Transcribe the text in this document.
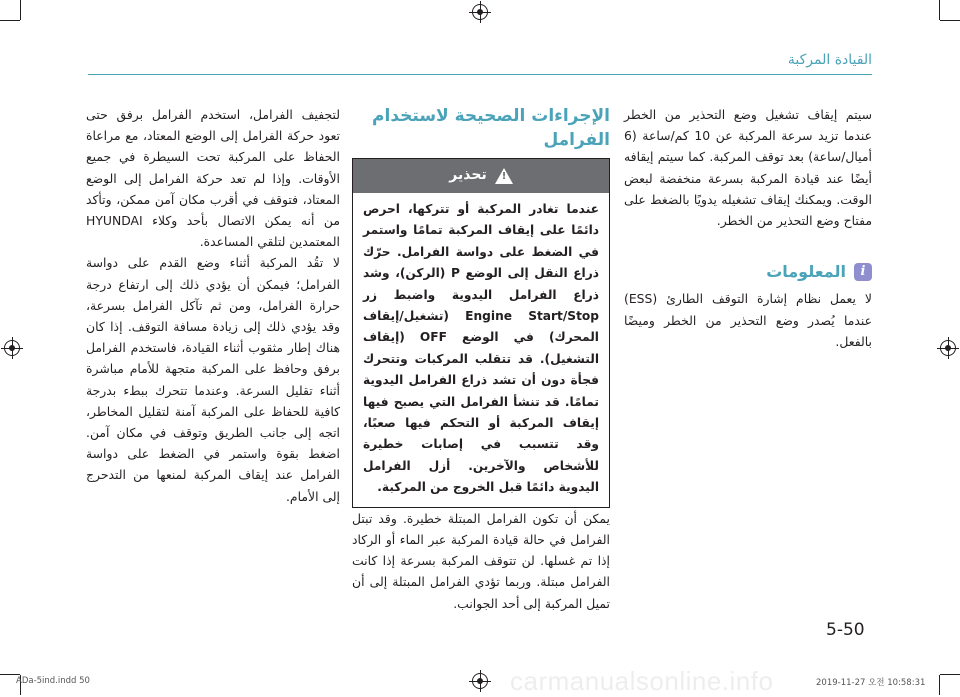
القيادة المركبة

سيتم إيقاف تشغيل وضع التحذير من الخطر عندما تزيد سرعة المركبة عن 10 كم/ساعة (6 أميال/ساعة) بعد توقف المركبة. كما سيتم إيقافه أيضًا عند قيادة المركبة بسرعة منخفضة لبعض الوقت. ويمكنك إيقاف تشغيله يدويًا بالضغط على مفتاح وضع التحذير من الخطر.

i
المعلومات

لا يعمل نظام إشارة التوقف الطارئ (ESS) عندما يُصدر وضع التحذير من الخطر وميضًا بالفعل.

الإجراءات الصحيحة لاستخدام الفرامل
!
تحذير
عندما تغادر المركبة أو تتركها، احرص دائمًا على إيقاف المركبة تمامًا واستمر في الضغط على دواسة الفرامل. حرّك ذراع النقل إلى الوضع P (الركن)، وشد ذراع الفرامل اليدوية واضبط زر Engine Start/Stop (تشغيل/إيقاف المحرك) في الوضع OFF (إيقاف التشغيل). قد تتقلب المركبات وتتحرك فجأة دون أن تشد ذراع الفرامل اليدوية تمامًا. قد تنشأ الفرامل التي يصبح فيها إيقاف المركبة أو التحكم فيها صعبًا، وقد تتسبب في إصابات خطيرة للأشخاص والآخرين. أزل الفرامل اليدوية دائمًا قبل الخروج من المركبة.

يمكن أن تكون الفرامل المبتلة خطيرة. وقد تبتل الفرامل في حالة قيادة المركبة عبر الماء أو الركاد إذا تم غسلها. لن تتوقف المركبة بسرعة إذا كانت الفرامل مبتلة. وربما تؤدي الفرامل المبتلة إلى أن تميل المركبة إلى أحد الجوانب.

لتجفيف الفرامل، استخدم الفرامل برفق حتى تعود حركة الفرامل إلى الوضع المعتاد، مع مراعاة الحفاظ على المركبة تحت السيطرة في جميع الأوقات. وإذا لم تعد حركة الفرامل إلى الوضع المعتاد، فتوقف في أقرب مكان آمن ممكن، وتأكد من أنه يمكن الاتصال بأحد وكلاء HYUNDAI المعتمدين لتلقي المساعدة.

لا تقُد المركبة أثناء وضع القدم على دواسة الفرامل؛ فيمكن أن يؤدي ذلك إلى ارتفاع درجة حرارة الفرامل، ومن ثم تآكل الفرامل بسرعة، وقد يؤدي ذلك إلى زيادة مسافة التوقف. إذا كان هناك إطار مثقوب أثناء القيادة، فاستخدم الفرامل برفق وحافظ على المركبة متجهة للأمام مباشرة أثناء تقليل السرعة. وعندما تتحرك ببطء بدرجة كافية للحفاظ على المركبة آمنة لتقليل المخاطر، اتجه إلى جانب الطريق وتوقف في مكان آمن. اضغط بقوة واستمر في الضغط على دواسة الفرامل عند إيقاف المركبة لمنعها من التدحرج إلى الأمام.

5-50
ADa-5ind.indd 50	2019-11-27 오전 10:58:31
carmanualsonline.info
